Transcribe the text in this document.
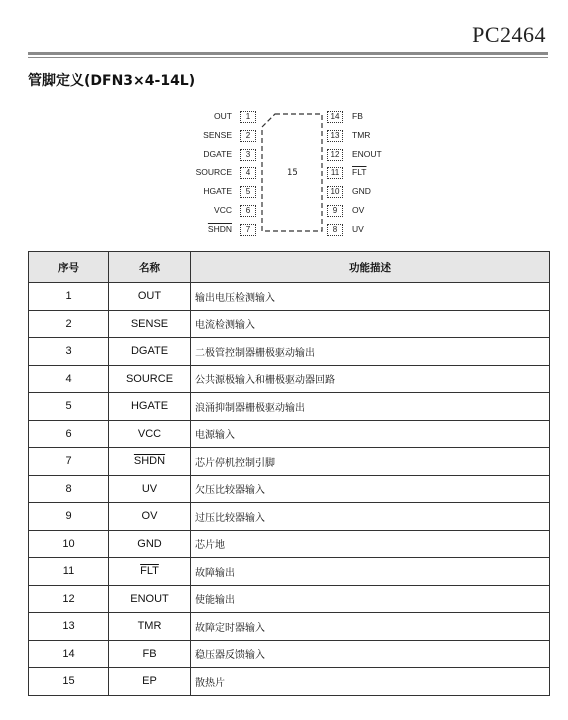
PC2464
管脚定义(DFN3×4-14L)
OUT	1
SENSE	2
DGATE	3
SOURCE	4
HGATE	5
VCC	6
SHDN	7
14	FB
13	TMR
12	ENOUT
11	$\overline{FLT}$
10	GND
9	OV
8	UV
15
序号	名称	功能描述
1	OUT	输出电压检测输入
2	SENSE	电流检测输入
3	DGATE	二极管控制器栅极驱动输出
4	SOURCE	公共源极输入和栅极驱动器回路
5	HGATE	浪涌抑制器栅极驱动输出
6	VCC	电源输入
7	SHDN	芯片停机控制引脚
8	UV	欠压比较器输入
9	OV	过压比较器输入
10	GND	芯片地
11	$\overline{FLT}$	故障输出
12	ENOUT	使能输出
13	TMR	故障定时器输入
14	FB	稳压器反馈输入
15	EP	散热片
